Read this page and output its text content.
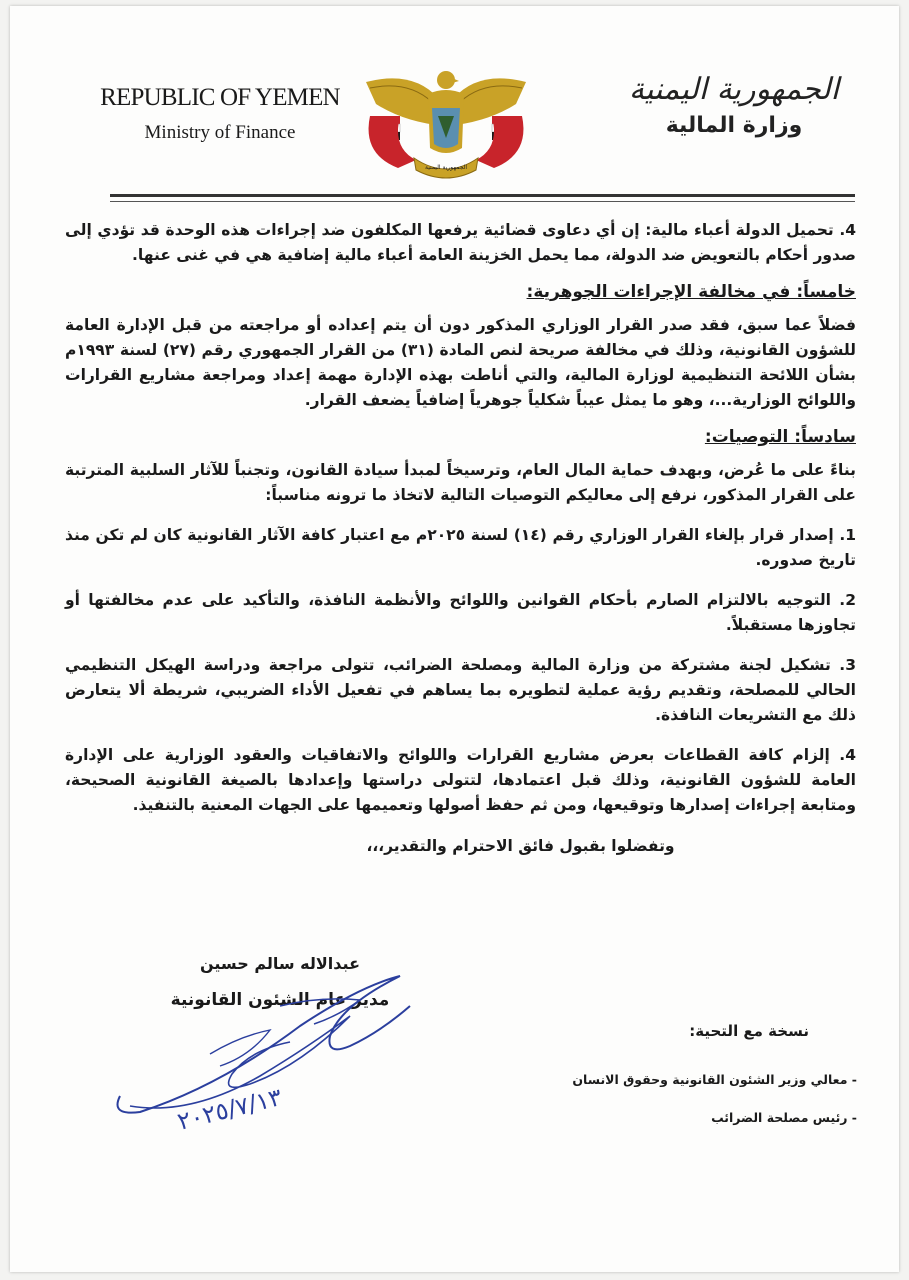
REPUBLIC OF YEMEN
Ministry of Finance
الجمهورية اليمنية
الجمهورية اليمنية
وزارة المالية

4. تحميل الدولة أعباء مالية: إن أي دعاوى قضائية يرفعها المكلفون ضد إجراءات هذه الوحدة قد تؤدي إلى صدور أحكام بالتعويض ضد الدولة، مما يحمل الخزينة العامة أعباء مالية إضافية هي في غنى عنها.

خامساً: في مخالفة الإجراءات الجوهرية:

فضلاً عما سبق، فقد صدر القرار الوزاري المذكور دون أن يتم إعداده أو مراجعته من قبل الإدارة العامة للشؤون القانونية، وذلك في مخالفة صريحة لنص المادة (٣١) من القرار الجمهوري رقم (٢٧) لسنة ١٩٩٣م بشأن اللائحة التنظيمية لوزارة المالية، والتي أناطت بهذه الإدارة مهمة إعداد ومراجعة مشاريع القرارات واللوائح الوزارية...، وهو ما يمثل عيباً شكلياً جوهرياً إضافياً يضعف القرار.

سادساً: التوصيات:

بناءً على ما عُرض، وبهدف حماية المال العام، وترسيخاً لمبدأ سيادة القانون، وتجنباً للآثار السلبية المترتبة على القرار المذكور، نرفع إلى معاليكم التوصيات التالية لاتخاذ ما ترونه مناسباً:

1. إصدار قرار بإلغاء القرار الوزاري رقم (١٤) لسنة ٢٠٢٥م مع اعتبار كافة الآثار القانونية كان لم تكن منذ تاريخ صدوره.

2. التوجيه بالالتزام الصارم بأحكام القوانين واللوائح والأنظمة النافذة، والتأكيد على عدم مخالفتها أو تجاوزها مستقبلاً.

3. تشكيل لجنة مشتركة من وزارة المالية ومصلحة الضرائب، تتولى مراجعة ودراسة الهيكل التنظيمي الحالي للمصلحة، وتقديم رؤية عملية لتطويره بما يساهم في تفعيل الأداء الضريبي، شريطة ألا يتعارض ذلك مع التشريعات النافذة.

4. إلزام كافة القطاعات بعرض مشاريع القرارات واللوائح والاتفاقيات والعقود الوزارية على الإدارة العامة للشؤون القانونية، وذلك قبل اعتمادها، لتتولى دراستها وإعدادها بالصيغة القانونية الصحيحة، ومتابعة إجراءات إصدارها وتوقيعها، ومن ثم حفظ أصولها وتعميمها على الجهات المعنية بالتنفيذ.

وتفضلوا بقبول فائق الاحترام والتقدير،،،

عبدالاله سالم حسين
مدير عام الشئون القانونية
٢٠٢٥/٧/١٣
نسخة مع التحية:
- معالي وزير الشئون القانونية وحقوق الانسان
- رئيس مصلحة الضرائب
